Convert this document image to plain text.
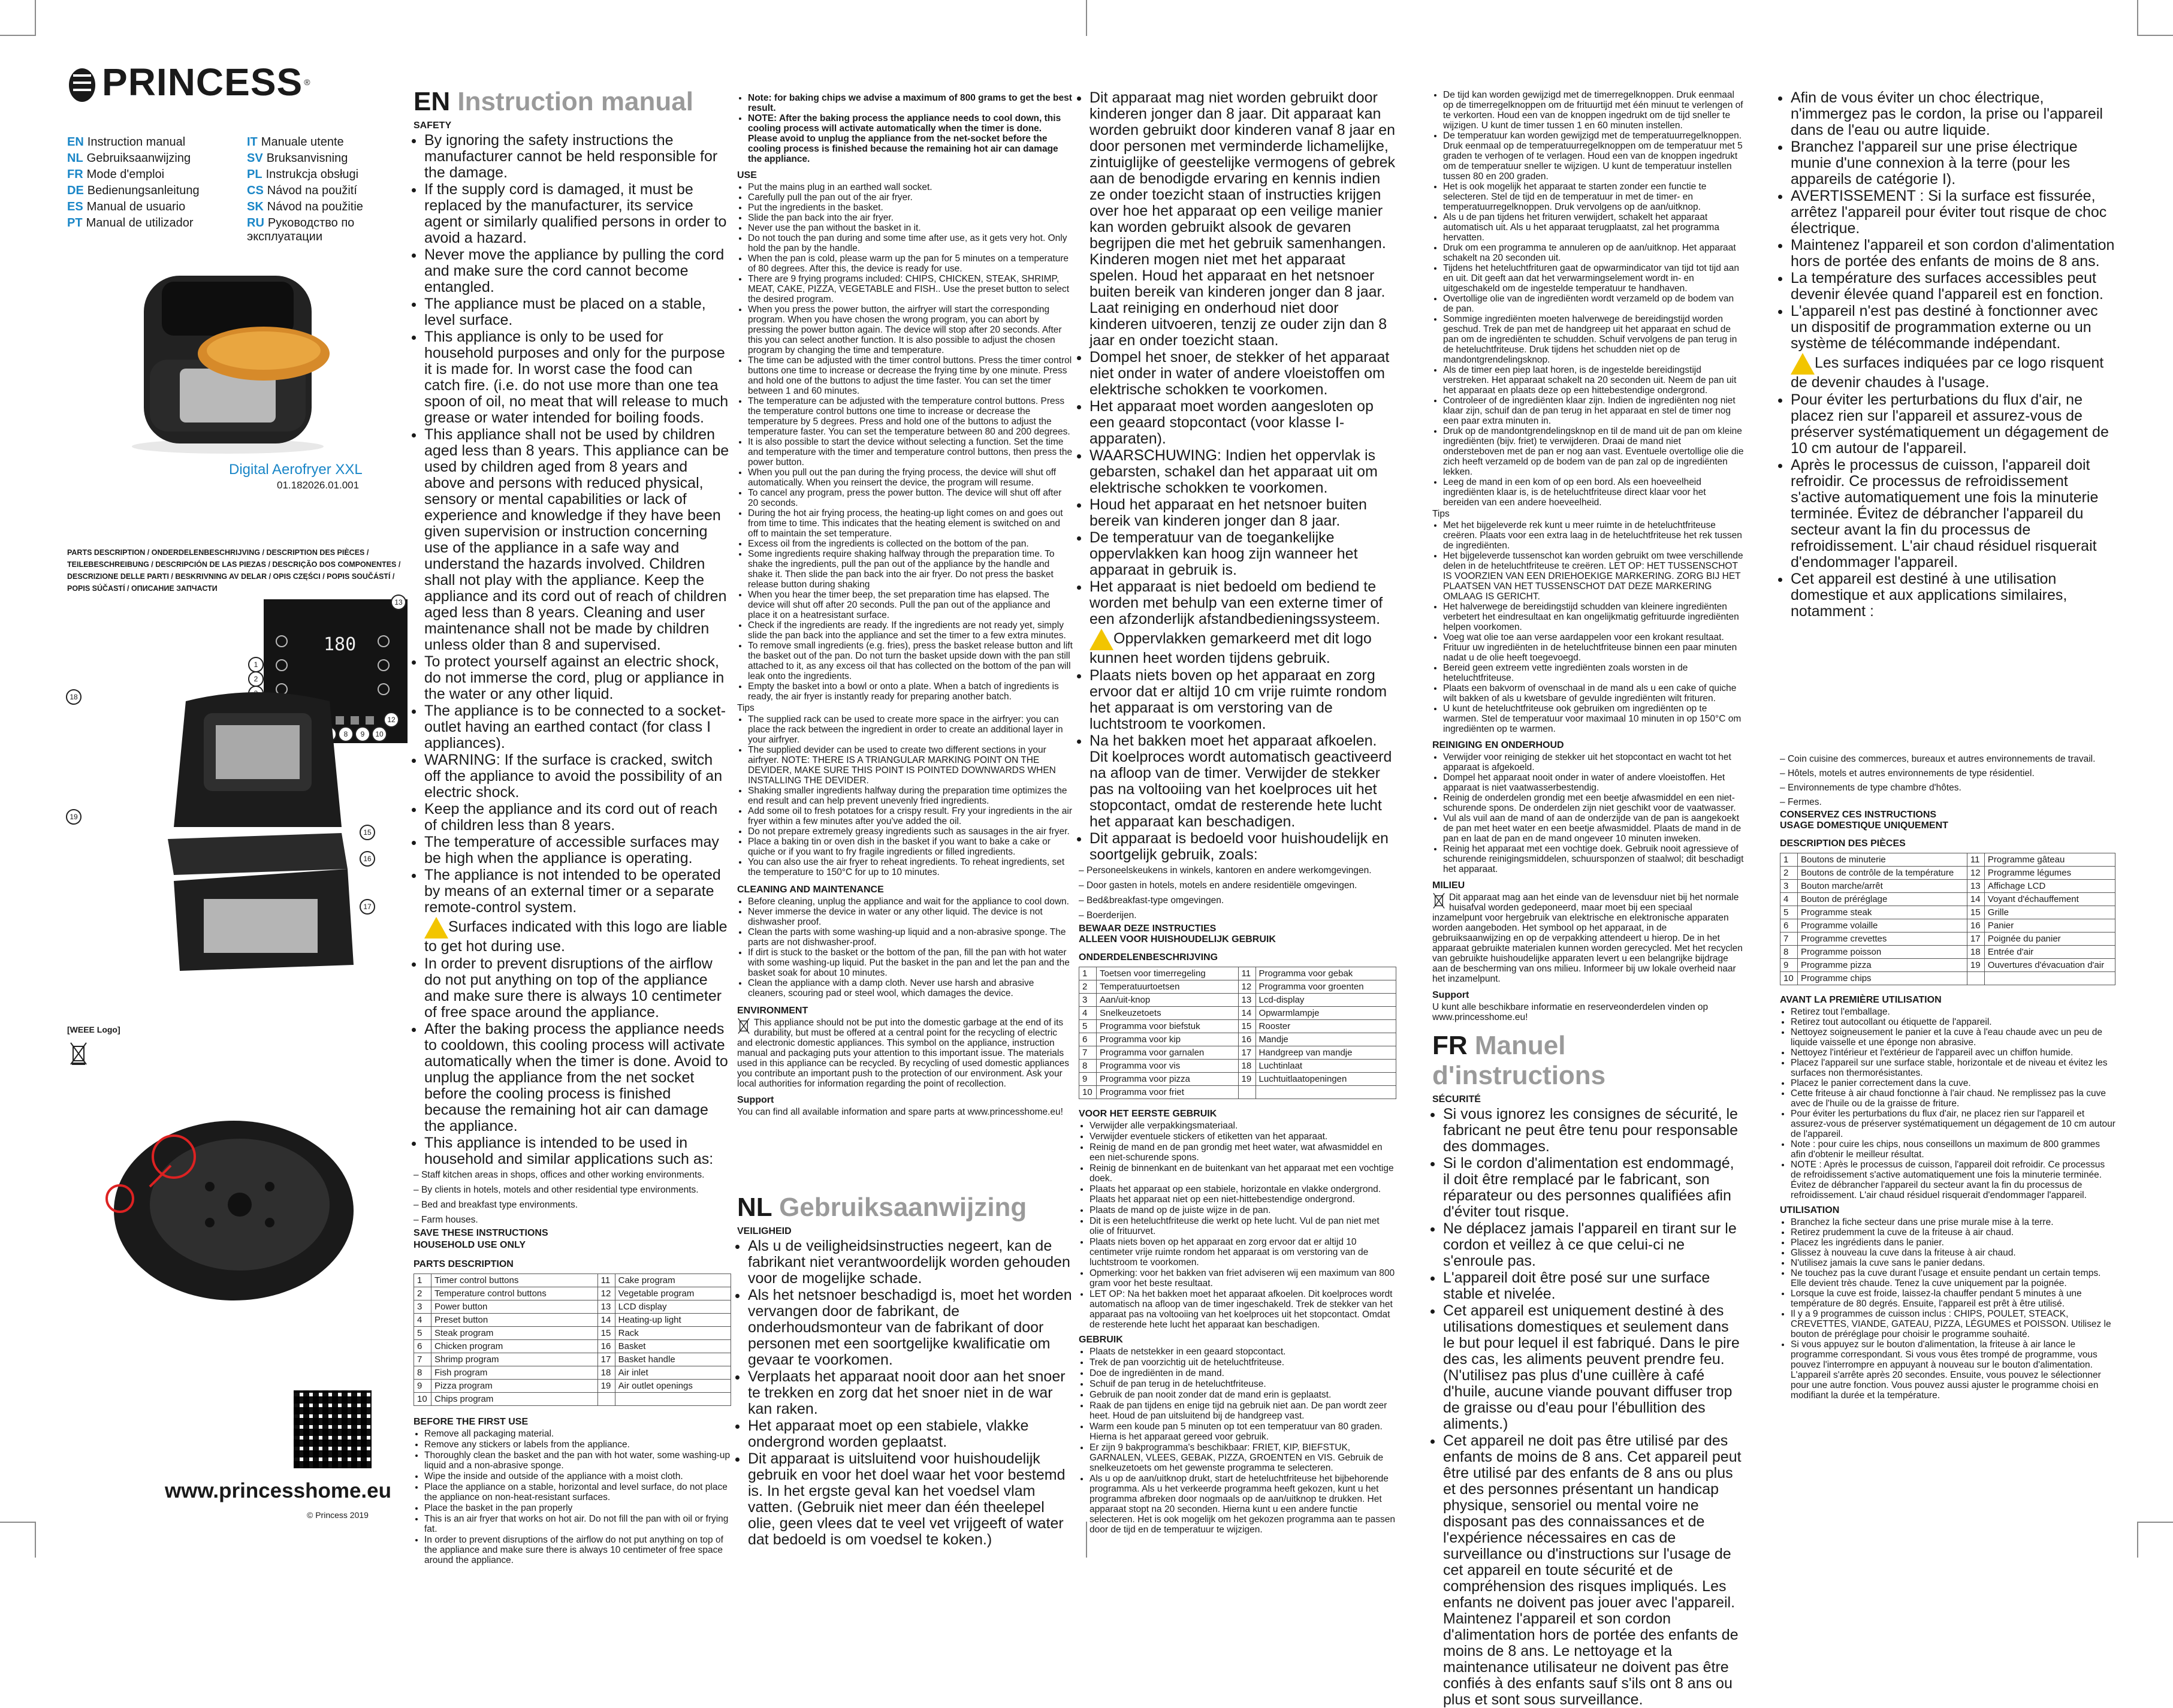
PRINCESS ®
EN Instruction manual	IT Manuale utente
NL Gebruiksaanwijzing	SV Bruksanvisning
FR Mode d'emploi	PL Instrukcja obsługi
DE Bedienungsanleitung	CS Návod na použití
ES Manual de usuario	SK Návod na použitie
PT Manual de utilizador	RU Руководство по эксплуатации
Digital Aerofryer XXL
01.182026.01.001
PARTS DESCRIPTION / ONDERDELENBESCHRIJVING / DESCRIPTION DES PIÈCES / TEILEBESCHREIBUNG / DESCRIPCIÓN DE LAS PIEZAS / DESCRIÇÃO DOS COMPONENTES / DESCRIZIONE DELLE PARTI / BESKRIVNING AV DELAR / OPIS CZĘŚCI / POPIS SOUČÁSTÍ / POPIS SÚČASTÍ / ОПИСАНИЕ ЗАПЧАСТИ
180
13
1
2
12
8	9	10
18
19
15
16
17
[WEEE Logo]
www.princesshome.eu
© Princess 2019
EN Instruction manual
SAFETY
• By ignoring the safety instructions the manufacturer cannot be held responsible for the damage.
• If the supply cord is damaged, it must be replaced by the manufacturer, its service agent or similarly qualified persons in order to avoid a hazard.
• Never move the appliance by pulling the cord and make sure the cord cannot become entangled.
• The appliance must be placed on a stable, level surface.
• This appliance is only to be used for household purposes and only for the purpose it is made for. In worst case the food can catch fire. (i.e. do not use more than one tea spoon of oil, no meat that will release to much grease or water intended for boiling foods.
• This appliance shall not be used by children aged less than 8 years. This appliance can be used by children aged from 8 years and above and persons with reduced physical, sensory or mental capabilities or lack of experience and knowledge if they have been given supervision or instruction concerning use of the appliance in a safe way and understand the hazards involved. Children shall not play with the appliance. Keep the appliance and its cord out of reach of children aged less than 8 years. Cleaning and user maintenance shall not be made by children unless older than 8 and supervised.
• To protect yourself against an electric shock, do not immerse the cord, plug or appliance in the water or any other liquid.
• The appliance is to be connected to a socket-outlet having an earthed contact (for class I appliances).
• WARNING: If the surface is cracked, switch off the appliance to avoid the possibility of an electric shock.
• Keep the appliance and its cord out of reach of children less than 8 years.
• The temperature of accessible surfaces may be high when the appliance is operating.
• The appliance is not intended to be operated by means of an external timer or a separate remote-control system.

Surfaces indicated with this logo are liable to get hot during use.

• In order to prevent disruptions of the airflow do not put anything on top of the appliance and make sure there is always 10 centimeter of free space around the appliance.
• After the baking process the appliance needs to cooldown, this cooling process will activate automatically when the timer is done. Avoid to unplug the appliance from the net socket before the cooling process is finished because the remaining hot air can damage the appliance.
• This appliance is intended to be used in household and similar applications such as:
– Staff kitchen areas in shops, offices and other working environments.
– By clients in hotels, motels and other residential type environments.
– Bed and breakfast type environments.
– Farm houses.
SAVE THESE INSTRUCTIONS
HOUSEHOLD USE ONLY
PARTS DESCRIPTION
1	Timer control buttons	11	Cake program
2	Temperature control buttons	12	Vegetable program
3	Power button	13	LCD display
4	Preset button	14	Heating-up light
5	Steak program	15	Rack
6	Chicken program	16	Basket
7	Shrimp program	17	Basket handle
8	Fish program	18	Air inlet
9	Pizza program	19	Air outlet openings
10	Chips program		
BEFORE THE FIRST USE
• Remove all packaging material.
• Remove any stickers or labels from the appliance.
• Thoroughly clean the basket and the pan with hot water, some washing-up liquid and a non-abrasive sponge.
• Wipe the inside and outside of the appliance with a moist cloth.
• Place the appliance on a stable, horizontal and level surface, do not place the appliance on non-heat-resistant surfaces.
• Place the basket in the pan properly
• This is an air fryer that works on hot air. Do not fill the pan with oil or frying fat.
• In order to prevent disruptions of the airflow do not put anything on top of the appliance and make sure there is always 10 centimeter of free space around the appliance.
• Note: for baking chips we advise a maximum of 800 grams to get the best result.
• NOTE: After the baking process the appliance needs to cool down, this cooling process will activate automatically when the timer is done. Please avoid to unplug the appliance from the net-socket before the cooling process is finished because the remaining hot air can damage the appliance.
USE
• Put the mains plug in an earthed wall socket.
• Carefully pull the pan out of the air fryer.
• Put the ingredients in the basket.
• Slide the pan back into the air fryer.
• Never use the pan without the basket in it.
• Do not touch the pan during and some time after use, as it gets very hot. Only hold the pan by the handle.
• When the pan is cold, please warm up the pan for 5 minutes on a temperature of 80 degrees. After this, the device is ready for use.
• There are 9 frying programs included: CHIPS, CHICKEN, STEAK, SHRIMP, MEAT, CAKE, PIZZA, VEGETABLE and FISH.. Use the preset button to select the desired program.
• When you press the power button, the airfryer will start the corresponding program. When you have chosen the wrong program, you can abort by pressing the power button again. The device will stop after 20 seconds. After this you can select another function. It is also possible to adjust the chosen program by changing the time and temperature.
• The time can be adjusted with the timer control buttons. Press the timer control buttons one time to increase or decrease the frying time by one minute. Press and hold one of the buttons to adjust the time faster. You can set the timer between 1 and 60 minutes.
• The temperature can be adjusted with the temperature control buttons. Press the temperature control buttons one time to increase or decrease the temperature by 5 degrees. Press and hold one of the buttons to adjust the temperature faster. You can set the temperature between 80 and 200 degrees.
• It is also possible to start the device without selecting a function. Set the time and temperature with the timer and temperature control buttons, then press the power button.
• When you pull out the pan during the frying process, the device will shut off automatically. When you reinsert the device, the program will resume.
• To cancel any program, press the power button. The device will shut off after 20 seconds.
• During the hot air frying process, the heating-up light comes on and goes out from time to time. This indicates that the heating element is switched on and off to maintain the set temperature.
• Excess oil from the ingredients is collected on the bottom of the pan.
• Some ingredients require shaking halfway through the preparation time. To shake the ingredients, pull the pan out of the appliance by the handle and shake it. Then slide the pan back into the air fryer. Do not press the basket release button during shaking
• When you hear the timer beep, the set preparation time has elapsed. The device will shut off after 20 seconds. Pull the pan out of the appliance and place it on a heatresistant surface.
• Check if the ingredients are ready. If the ingredients are not ready yet, simply slide the pan back into the appliance and set the timer to a few extra minutes.
• To remove small ingredients (e.g. fries), press the basket release button and lift the basket out of the pan. Do not turn the basket upside down with the pan still attached to it, as any excess oil that has collected on the bottom of the pan will leak onto the ingredients.
• Empty the basket into a bowl or onto a plate. When a batch of ingredients is ready, the air fryer is instantly ready for preparing another batch.

Tips

• The supplied rack can be used to create more space in the airfryer: you can place the rack between the ingredient in order to create an additional layer in your airfryer.
• The supplied devider can be used to create two different sections in your airfryer. NOTE: THERE IS A TRIANGULAR MARKING POINT ON THE DEVIDER, MAKE SURE THIS POINT IS POINTED DOWNWARDS WHEN INSTALLING THE DEVIDER.
• Shaking smaller ingredients halfway during the preparation time optimizes the end result and can help prevent unevenly fried ingredients.
• Add some oil to fresh potatoes for a crispy result. Fry your ingredients in the air fryer within a few minutes after you've added the oil.
• Do not prepare extremely greasy ingredients such as sausages in the air fryer.
• Place a baking tin or oven dish in the basket if you want to bake a cake or quiche or if you want to fry fragile ingredients or filled ingredients.
• You can also use the air fryer to reheat ingredients. To reheat ingredients, set the temperature to 150°C for up to 10 minutes.
CLEANING AND MAINTENANCE
• Before cleaning, unplug the appliance and wait for the appliance to cool down.
• Never immerse the device in water or any other liquid. The device is not dishwasher proof.
• Clean the parts with some washing-up liquid and a non-abrasive sponge. The parts are not dishwasher-proof.
• If dirt is stuck to the basket or the bottom of the pan, fill the pan with hot water with some washing-up liquid. Put the basket in the pan and let the pan and the basket soak for about 10 minutes.
• Clean the appliance with a damp cloth. Never use harsh and abrasive cleaners, scouring pad or steel wool, which damages the device.
ENVIRONMENT

This appliance should not be put into the domestic garbage at the end of its durability, but must be offered at a central point for the recycling of electric and electronic domestic appliances. This symbol on the appliance, instruction manual and packaging puts your attention to this important issue. The materials used in this appliance can be recycled. By recycling of used domestic appliances you contribute an important push to the protection of our environment. Ask your local authorities for information regarding the point of recollection.

Support

You can find all available information and spare parts at www.princesshome.eu!

NL Gebruiksaanwijzing
VEILIGHEID
• Als u de veiligheidsinstructies negeert, kan de fabrikant niet verantwoordelijk worden gehouden voor de mogelijke schade.
• Als het netsnoer beschadigd is, moet het worden vervangen door de fabrikant, de onderhoudsmonteur van de fabrikant of door personen met een soortgelijke kwalificatie om gevaar te voorkomen.
• Verplaats het apparaat nooit door aan het snoer te trekken en zorg dat het snoer niet in de war kan raken.
• Het apparaat moet op een stabiele, vlakke ondergrond worden geplaatst.
• Dit apparaat is uitsluitend voor huishoudelijk gebruik en voor het doel waar het voor bestemd is. In het ergste geval kan het voedsel vlam vatten. (Gebruik niet meer dan één theelepel olie, geen vlees dat te veel vet vrijgeeft of water dat bedoeld is om voedsel te koken.)
• Dit apparaat mag niet worden gebruikt door kinderen jonger dan 8 jaar. Dit apparaat kan worden gebruikt door kinderen vanaf 8 jaar en door personen met verminderde lichamelijke, zintuiglijke of geestelijke vermogens of gebrek aan de benodigde ervaring en kennis indien ze onder toezicht staan of instructies krijgen over hoe het apparaat op een veilige manier kan worden gebruikt alsook de gevaren begrijpen die met het gebruik samenhangen. Kinderen mogen niet met het apparaat spelen. Houd het apparaat en het netsnoer buiten bereik van kinderen jonger dan 8 jaar. Laat reiniging en onderhoud niet door kinderen uitvoeren, tenzij ze ouder zijn dan 8 jaar en onder toezicht staan.
• Dompel het snoer, de stekker of het apparaat niet onder in water of andere vloeistoffen om elektrische schokken te voorkomen.
• Het apparaat moet worden aangesloten op een geaard stopcontact (voor klasse I-apparaten).
• WAARSCHUWING: Indien het oppervlak is gebarsten, schakel dan het apparaat uit om elektrische schokken te voorkomen.
• Houd het apparaat en het netsnoer buiten bereik van kinderen jonger dan 8 jaar.
• De temperatuur van de toegankelijke oppervlakken kan hoog zijn wanneer het apparaat in gebruik is.
• Het apparaat is niet bedoeld om bediend te worden met behulp van een externe timer of een afzonderlijk afstandbedieningssysteem.

Oppervlakken gemarkeerd met dit logo kunnen heet worden tijdens gebruik.

• Plaats niets boven op het apparaat en zorg ervoor dat er altijd 10 cm vrije ruimte rondom het apparaat is om verstoring van de luchtstroom te voorkomen.
• Na het bakken moet het apparaat afkoelen. Dit koelproces wordt automatisch geactiveerd na afloop van de timer. Verwijder de stekker pas na voltooiing van het koelproces uit het stopcontact, omdat de resterende hete lucht het apparaat kan beschadigen.
• Dit apparaat is bedoeld voor huishoudelijk en soortgelijk gebruik, zoals:
– Personeelskeukens in winkels, kantoren en andere werkomgevingen.
– Door gasten in hotels, motels en andere residentiële omgevingen.
– Bed&breakfast-type omgevingen.
– Boerderijen.
BEWAAR DEZE INSTRUCTIES
ALLEEN VOOR HUISHOUDELIJK GEBRUIK
ONDERDELENBESCHRIJVING
1	Toetsen voor timerregeling	11	Programma voor gebak
2	Temperatuurtoetsen	12	Programma voor groenten
3	Aan/uit-knop	13	Lcd-display
4	Snelkeuzetoets	14	Opwarmlampje
5	Programma voor biefstuk	15	Rooster
6	Programma voor kip	16	Mandje
7	Programma voor garnalen	17	Handgreep van mandje
8	Programma voor vis	18	Luchtinlaat
9	Programma voor pizza	19	Luchtuitlaatopeningen
10	Programma voor friet		
VOOR HET EERSTE GEBRUIK
• Verwijder alle verpakkingsmateriaal.
• Verwijder eventuele stickers of etiketten van het apparaat.
• Reinig de mand en de pan grondig met heet water, wat afwasmiddel en een niet-schurende spons.
• Reinig de binnenkant en de buitenkant van het apparaat met een vochtige doek.
• Plaats het apparaat op een stabiele, horizontale en vlakke ondergrond. Plaats het apparaat niet op een niet-hittebestendige ondergrond.
• Plaats de mand op de juiste wijze in de pan.
• Dit is een heteluchtfriteuse die werkt op hete lucht. Vul de pan niet met olie of frituurvet.
• Plaats niets boven op het apparaat en zorg ervoor dat er altijd 10 centimeter vrije ruimte rondom het apparaat is om verstoring van de luchtstroom te voorkomen.
• Opmerking: voor het bakken van friet adviseren wij een maximum van 800 gram voor het beste resultaat.
• LET OP: Na het bakken moet het apparaat afkoelen. Dit koelproces wordt automatisch na afloop van de timer ingeschakeld. Trek de stekker van het apparaat pas na voltooiing van het koelproces uit het stopcontact. Omdat de resterende hete lucht het apparaat kan beschadigen.
GEBRUIK
• Plaats de netstekker in een geaard stopcontact.
• Trek de pan voorzichtig uit de heteluchtfriteuse.
• Doe de ingrediënten in de mand.
• Schuif de pan terug in de heteluchtfriteuse.
• Gebruik de pan nooit zonder dat de mand erin is geplaatst.
• Raak de pan tijdens en enige tijd na gebruik niet aan. De pan wordt zeer heet. Houd de pan uitsluitend bij de handgreep vast.
• Warm een koude pan 5 minuten op tot een temperatuur van 80 graden. Hierna is het apparaat gereed voor gebruik.
• Er zijn 9 bakprogramma's beschikbaar: FRIET, KIP, BIEFSTUK, GARNALEN, VLEES, GEBAK, PIZZA, GROENTEN en VIS. Gebruik de snelkeuzetoets om het gewenste programma te selecteren.
• Als u op de aan/uitknop drukt, start de heteluchtfriteuse het bijbehorende programma. Als u het verkeerde programma heeft gekozen, kunt u het programma afbreken door nogmaals op de aan/uitknop te drukken. Het apparaat stopt na 20 seconden. Hierna kunt u een andere functie selecteren. Het is ook mogelijk om het gekozen programma aan te passen door de tijd en de temperatuur te wijzigen.
• De tijd kan worden gewijzigd met de timerregelknoppen. Druk eenmaal op de timerregelknoppen om de frituurtijd met één minuut te verlengen of te verkorten. Houd een van de knoppen ingedrukt om de tijd sneller te wijzigen. U kunt de timer tussen 1 en 60 minuten instellen.
• De temperatuur kan worden gewijzigd met de temperatuurregelknoppen. Druk eenmaal op de temperatuurregelknoppen om de temperatuur met 5 graden te verhogen of te verlagen. Houd een van de knoppen ingedrukt om de temperatuur sneller te wijzigen. U kunt de temperatuur instellen tussen 80 en 200 graden.
• Het is ook mogelijk het apparaat te starten zonder een functie te selecteren. Stel de tijd en de temperatuur in met de timer- en temperatuurregelknoppen. Druk vervolgens op de aan/uitknop.
• Als u de pan tijdens het frituren verwijdert, schakelt het apparaat automatisch uit. Als u het apparaat terugplaatst, zal het programma hervatten.
• Druk om een programma te annuleren op de aan/uitknop. Het apparaat schakelt na 20 seconden uit.
• Tijdens het heteluchtfrituren gaat de opwarmindicator van tijd tot tijd aan en uit. Dit geeft aan dat het verwarmingselement wordt in- en uitgeschakeld om de ingestelde temperatuur te handhaven.
• Overtollige olie van de ingrediënten wordt verzameld op de bodem van de pan.
• Sommige ingrediënten moeten halverwege de bereidingstijd worden geschud. Trek de pan met de handgreep uit het apparaat en schud de pan om de ingrediënten te schudden. Schuif vervolgens de pan terug in de heteluchtfriteuse. Druk tijdens het schudden niet op de mandontgrendelingsknop.
• Als de timer een piep laat horen, is de ingestelde bereidingstijd verstreken. Het apparaat schakelt na 20 seconden uit. Neem de pan uit het apparaat en plaats deze op een hittebestendige ondergrond.
• Controleer of de ingrediënten klaar zijn. Indien de ingrediënten nog niet klaar zijn, schuif dan de pan terug in het apparaat en stel de timer nog een paar extra minuten in.
• Druk op de mandontgrendelingsknop en til de mand uit de pan om kleine ingrediënten (bijv. friet) te verwijderen. Draai de mand niet ondersteboven met de pan er nog aan vast. Eventuele overtollige olie die zich heeft verzameld op de bodem van de pan zal op de ingrediënten lekken.
• Leeg de mand in een kom of op een bord. Als een hoeveelheid ingrediënten klaar is, is de heteluchtfriteuse direct klaar voor het bereiden van een andere hoeveelheid.

Tips

• Met het bijgeleverde rek kunt u meer ruimte in de heteluchtfriteuse creëren. Plaats voor een extra laag in de heteluchtfriteuse het rek tussen de ingrediënten.
• Het bijgeleverde tussenschot kan worden gebruikt om twee verschillende delen in de heteluchtfriteuse te creëren. LET OP: HET TUSSENSCHOT IS VOORZIEN VAN EEN DRIEHOEKIGE MARKERING. ZORG BIJ HET PLAATSEN VAN HET TUSSENSCHOT DAT DEZE MARKERING OMLAAG IS GERICHT.
• Het halverwege de bereidingstijd schudden van kleinere ingrediënten verbetert het eindresultaat en kan ongelijkmatig gefrituurde ingrediënten helpen voorkomen.
• Voeg wat olie toe aan verse aardappelen voor een krokant resultaat. Frituur uw ingrediënten in de heteluchtfriteuse binnen een paar minuten nadat u de olie heeft toegevoegd.
• Bereid geen extreem vette ingrediënten zoals worsten in de heteluchtfriteuse.
• Plaats een bakvorm of ovenschaal in de mand als u een cake of quiche wilt bakken of als u kwetsbare of gevulde ingrediënten wilt frituren.
• U kunt de heteluchtfriteuse ook gebruiken om ingrediënten op te warmen. Stel de temperatuur voor maximaal 10 minuten in op 150°C om ingrediënten op te warmen.
REINIGING EN ONDERHOUD
• Verwijder voor reiniging de stekker uit het stopcontact en wacht tot het apparaat is afgekoeld.
• Dompel het apparaat nooit onder in water of andere vloeistoffen. Het apparaat is niet vaatwasserbestendig.
• Reinig de onderdelen grondig met een beetje afwasmiddel en een niet-schurende spons. De onderdelen zijn niet geschikt voor de vaatwasser.
• Vul als vuil aan de mand of aan de onderzijde van de pan is aangekoekt de pan met heet water en een beetje afwasmiddel. Plaats de mand in de pan en laat de pan en de mand ongeveer 10 minuten inweken.
• Reinig het apparaat met een vochtige doek. Gebruik nooit agressieve of schurende reinigingsmiddelen, schuursponzen of staalwol; dit beschadigt het apparaat.
MILIEU

Dit apparaat mag aan het einde van de levensduur niet bij het normale huisafval worden gedeponeerd, maar moet bij een speciaal inzamelpunt voor hergebruik van elektrische en elektronische apparaten worden aangeboden. Het symbool op het apparaat, in de gebruiksaanwijzing en op de verpakking attendeert u hierop. De in het apparaat gebruikte materialen kunnen worden gerecycled. Met het recyclen van gebruikte huishoudelijke apparaten levert u een belangrijke bijdrage aan de bescherming van ons milieu. Informeer bij uw lokale overheid naar het inzamelpunt.

Support

U kunt alle beschikbare informatie en reserveonderdelen vinden op www.princesshome.eu!

FR Manuel d'instructions
SÉCURITÉ
• Si vous ignorez les consignes de sécurité, le fabricant ne peut être tenu pour responsable des dommages.
• Si le cordon d'alimentation est endommagé, il doit être remplacé par le fabricant, son réparateur ou des personnes qualifiées afin d'éviter tout risque.
• Ne déplacez jamais l'appareil en tirant sur le cordon et veillez à ce que celui-ci ne s'enroule pas.
• L'appareil doit être posé sur une surface stable et nivelée.
• Cet appareil est uniquement destiné à des utilisations domestiques et seulement dans le but pour lequel il est fabriqué. Dans le pire des cas, les aliments peuvent prendre feu. (N'utilisez pas plus d'une cuillère à café d'huile, aucune viande pouvant diffuser trop de graisse ou d'eau pour l'ébullition des aliments.)
• Cet appareil ne doit pas être utilisé par des enfants de moins de 8 ans. Cet appareil peut être utilisé par des enfants de 8 ans ou plus et des personnes présentant un handicap physique, sensoriel ou mental voire ne disposant pas des connaissances et de l'expérience nécessaires en cas de surveillance ou d'instructions sur l'usage de cet appareil en toute sécurité et de compréhension des risques impliqués. Les enfants ne doivent pas jouer avec l'appareil. Maintenez l'appareil et son cordon d'alimentation hors de portée des enfants de moins de 8 ans. Le nettoyage et la maintenance utilisateur ne doivent pas être confiés à des enfants sauf s'ils ont 8 ans ou plus et sont sous surveillance.
• Afin de vous éviter un choc électrique, n'immergez pas le cordon, la prise ou l'appareil dans de l'eau ou autre liquide.
• Branchez l'appareil sur une prise électrique munie d'une connexion à la terre (pour les appareils de catégorie I).
• AVERTISSEMENT : Si la surface est fissurée, arrêtez l'appareil pour éviter tout risque de choc électrique.
• Maintenez l'appareil et son cordon d'alimentation hors de portée des enfants de moins de 8 ans.
• La température des surfaces accessibles peut devenir élevée quand l'appareil est en fonction.
• L'appareil n'est pas destiné à fonctionner avec un dispositif de programmation externe ou un système de télécommande indépendant.

Les surfaces indiquées par ce logo risquent de devenir chaudes à l'usage.

• Pour éviter les perturbations du flux d'air, ne placez rien sur l'appareil et assurez-vous de préserver systématiquement un dégagement de 10 cm autour de l'appareil.
• Après le processus de cuisson, l'appareil doit refroidir. Ce processus de refroidissement s'active automatiquement une fois la minuterie terminée. Évitez de débrancher l'appareil du secteur avant la fin du processus de refroidissement. L'air chaud résiduel risquerait d'endommager l'appareil.
• Cet appareil est destiné à une utilisation domestique et aux applications similaires, notamment :
– Coin cuisine des commerces, bureaux et autres environnements de travail.
– Hôtels, motels et autres environnements de type résidentiel.
– Environnements de type chambre d'hôtes.
– Fermes.
CONSERVEZ CES INSTRUCTIONS
USAGE DOMESTIQUE UNIQUEMENT
DESCRIPTION DES PIÈCES
1	Boutons de minuterie	11	Programme gâteau
2	Boutons de contrôle de la température	12	Programme légumes
3	Bouton marche/arrêt	13	Affichage LCD
4	Bouton de préréglage	14	Voyant d'échauffement
5	Programme steak	15	Grille
6	Programme volaille	16	Panier
7	Programme crevettes	17	Poignée du panier
8	Programme poisson	18	Entrée d'air
9	Programme pizza	19	Ouvertures d'évacuation d'air
10	Programme chips		
AVANT LA PREMIÈRE UTILISATION
• Retirez tout l'emballage.
• Retirez tout autocollant ou étiquette de l'appareil.
• Nettoyez soigneusement le panier et la cuve à l'eau chaude avec un peu de liquide vaisselle et une éponge non abrasive.
• Nettoyez l'intérieur et l'extérieur de l'appareil avec un chiffon humide.
• Placez l'appareil sur une surface stable, horizontale et de niveau et évitez les surfaces non thermorésistantes.
• Placez le panier correctement dans la cuve.
• Cette friteuse à air chaud fonctionne à l'air chaud. Ne remplissez pas la cuve avec de l'huile ou de la graisse de friture.
• Pour éviter les perturbations du flux d'air, ne placez rien sur l'appareil et assurez-vous de préserver systématiquement un dégagement de 10 cm autour de l'appareil.
• Note : pour cuire les chips, nous conseillons un maximum de 800 grammes afin d'obtenir le meilleur résultat.
• NOTE : Après le processus de cuisson, l'appareil doit refroidir. Ce processus de refroidissement s'active automatiquement une fois la minuterie terminée. Évitez de débrancher l'appareil du secteur avant la fin du processus de refroidissement. L'air chaud résiduel risquerait d'endommager l'appareil.
UTILISATION
• Branchez la fiche secteur dans une prise murale mise à la terre.
• Retirez prudemment la cuve de la friteuse à air chaud.
• Placez les ingrédients dans le panier.
• Glissez à nouveau la cuve dans la friteuse à air chaud.
• N'utilisez jamais la cuve sans le panier dedans.
• Ne touchez pas la cuve durant l'usage et ensuite pendant un certain temps. Elle devient très chaude. Tenez la cuve uniquement par la poignée.
• Lorsque la cuve est froide, laissez-la chauffer pendant 5 minutes à une température de 80 degrés. Ensuite, l'appareil est prêt à être utilisé.
• Il y a 9 programmes de cuisson inclus : CHIPS, POULET, STEACK, CREVETTES, VIANDE, GATEAU, PIZZA, LÉGUMES et POISSON. Utilisez le bouton de préréglage pour choisir le programme souhaité.
• Si vous appuyez sur le bouton d'alimentation, la friteuse à air lance le programme correspondant. Si vous vous êtes trompé de programme, vous pouvez l'interrompre en appuyant à nouveau sur le bouton d'alimentation. L'appareil s'arrête après 20 secondes. Ensuite, vous pouvez le sélectionner pour une autre fonction. Vous pouvez aussi ajuster le programme choisi en modifiant la durée et la température.
